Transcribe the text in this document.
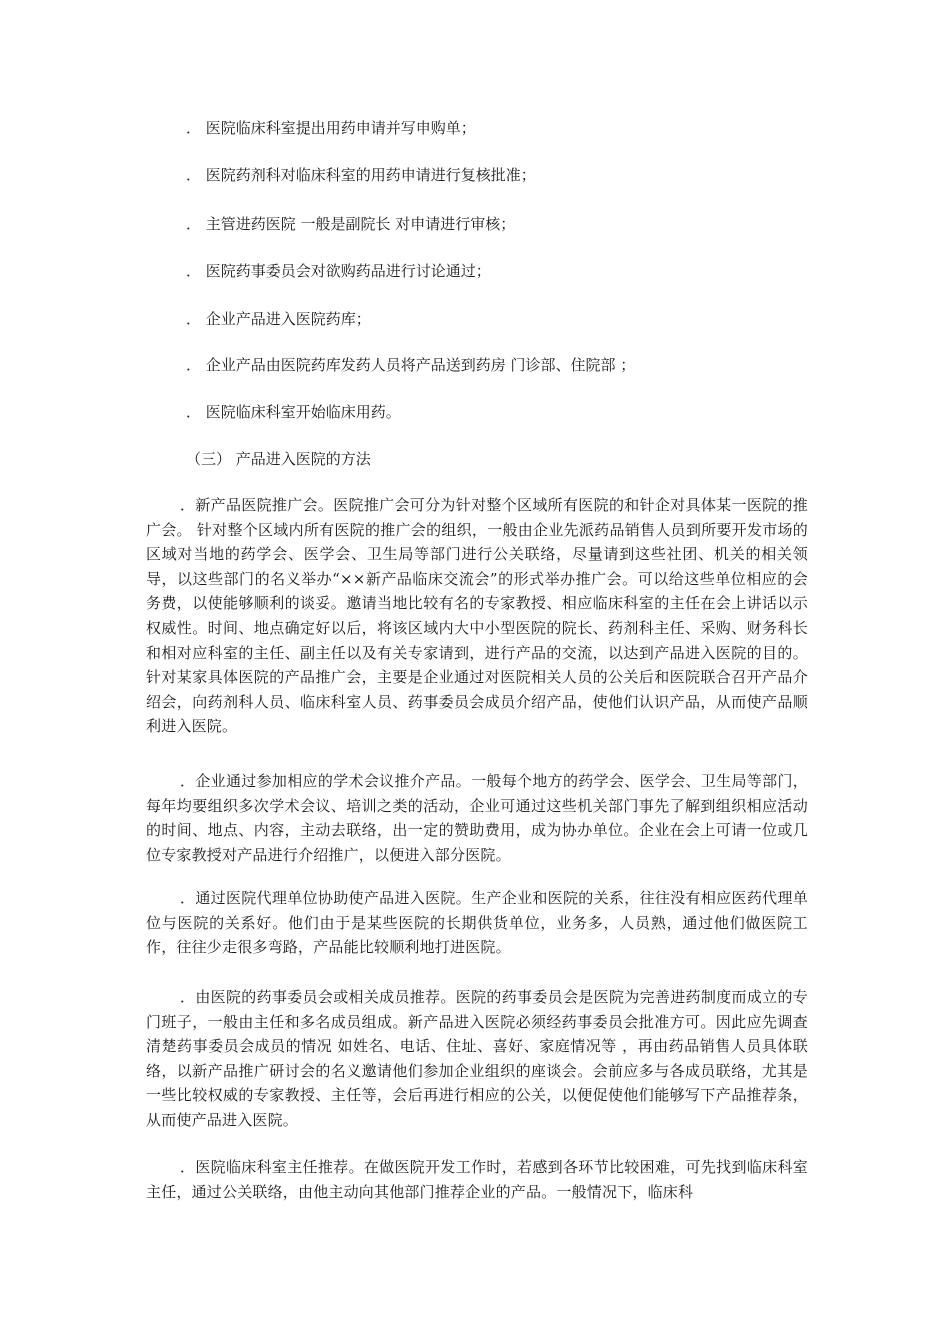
． 医院临床科室提出用药申请并写申购单；
． 医院药剂科对临床科室的用药申请进行复核批准；
． 主管进药医院 一般是副院长 对申请进行审核；
． 医院药事委员会对欲购药品进行讨论通过；
． 企业产品进入医院药库；
． 企业产品由医院药库发药人员将产品送到药房 门诊部、住院部 ；
． 医院临床科室开始临床用药。
（三） 产品进入医院的方法

．新产品医院推广会。医院推广会可分为针对整个区域所有医院的和针企对具体某一医院的推广会。 针对整个区域内所有医院的推广会的组织，一般由企业先派药品销售人员到所要开发市场的区域对当地的药学会、医学会、卫生局等部门进行公关联络，尽量请到这些社团、机关的相关领导，以这些部门的名义举办“××新产品临床交流会”的形式举办推广会。可以给这些单位相应的会务费，以使能够顺利的谈妥。邀请当地比较有名的专家教授、相应临床科室的主任在会上讲话以示权威性。时间、地点确定好以后，将该区域内大中小型医院的院长、药剂科主任、采购、财务科长和相对应科室的主任、副主任以及有关专家请到，进行产品的交流，以达到产品进入医院的目的。 针对某家具体医院的产品推广会，主要是企业通过对医院相关人员的公关后和医院联合召开产品介绍会，向药剂科人员、临床科室人员、药事委员会成员介绍产品，使他们认识产品，从而使产品顺利进入医院。

．企业通过参加相应的学术会议推介产品。一般每个地方的药学会、医学会、卫生局等部门，每年均要组织多次学术会议、培训之类的活动，企业可通过这些机关部门事先了解到组织相应活动的时间、地点、内容，主动去联络，出一定的赞助费用，成为协办单位。企业在会上可请一位或几位专家教授对产品进行介绍推广，以便进入部分医院。

．通过医院代理单位协助使产品进入医院。生产企业和医院的关系，往往没有相应医药代理单位与医院的关系好。他们由于是某些医院的长期供货单位，业务多，人员熟，通过他们做医院工作，往往少走很多弯路，产品能比较顺利地打进医院。

．由医院的药事委员会或相关成员推荐。医院的药事委员会是医院为完善进药制度而成立的专门班子，一般由主任和多名成员组成。新产品进入医院必须经药事委员会批准方可。因此应先调查清楚药事委员会成员的情况 如姓名、电话、住址、喜好、家庭情况等 ，再由药品销售人员具体联络，以新产品推广研讨会的名义邀请他们参加企业组织的座谈会。会前应多与各成员联络，尤其是一些比较权威的专家教授、主任等，会后再进行相应的公关，以便促使他们能够写下产品推荐条，从而使产品进入医院。

．医院临床科室主任推荐。在做医院开发工作时，若感到各环节比较困难，可先找到临床科室主任，通过公关联络，由他主动向其他部门推荐企业的产品。一般情况下，临床科
